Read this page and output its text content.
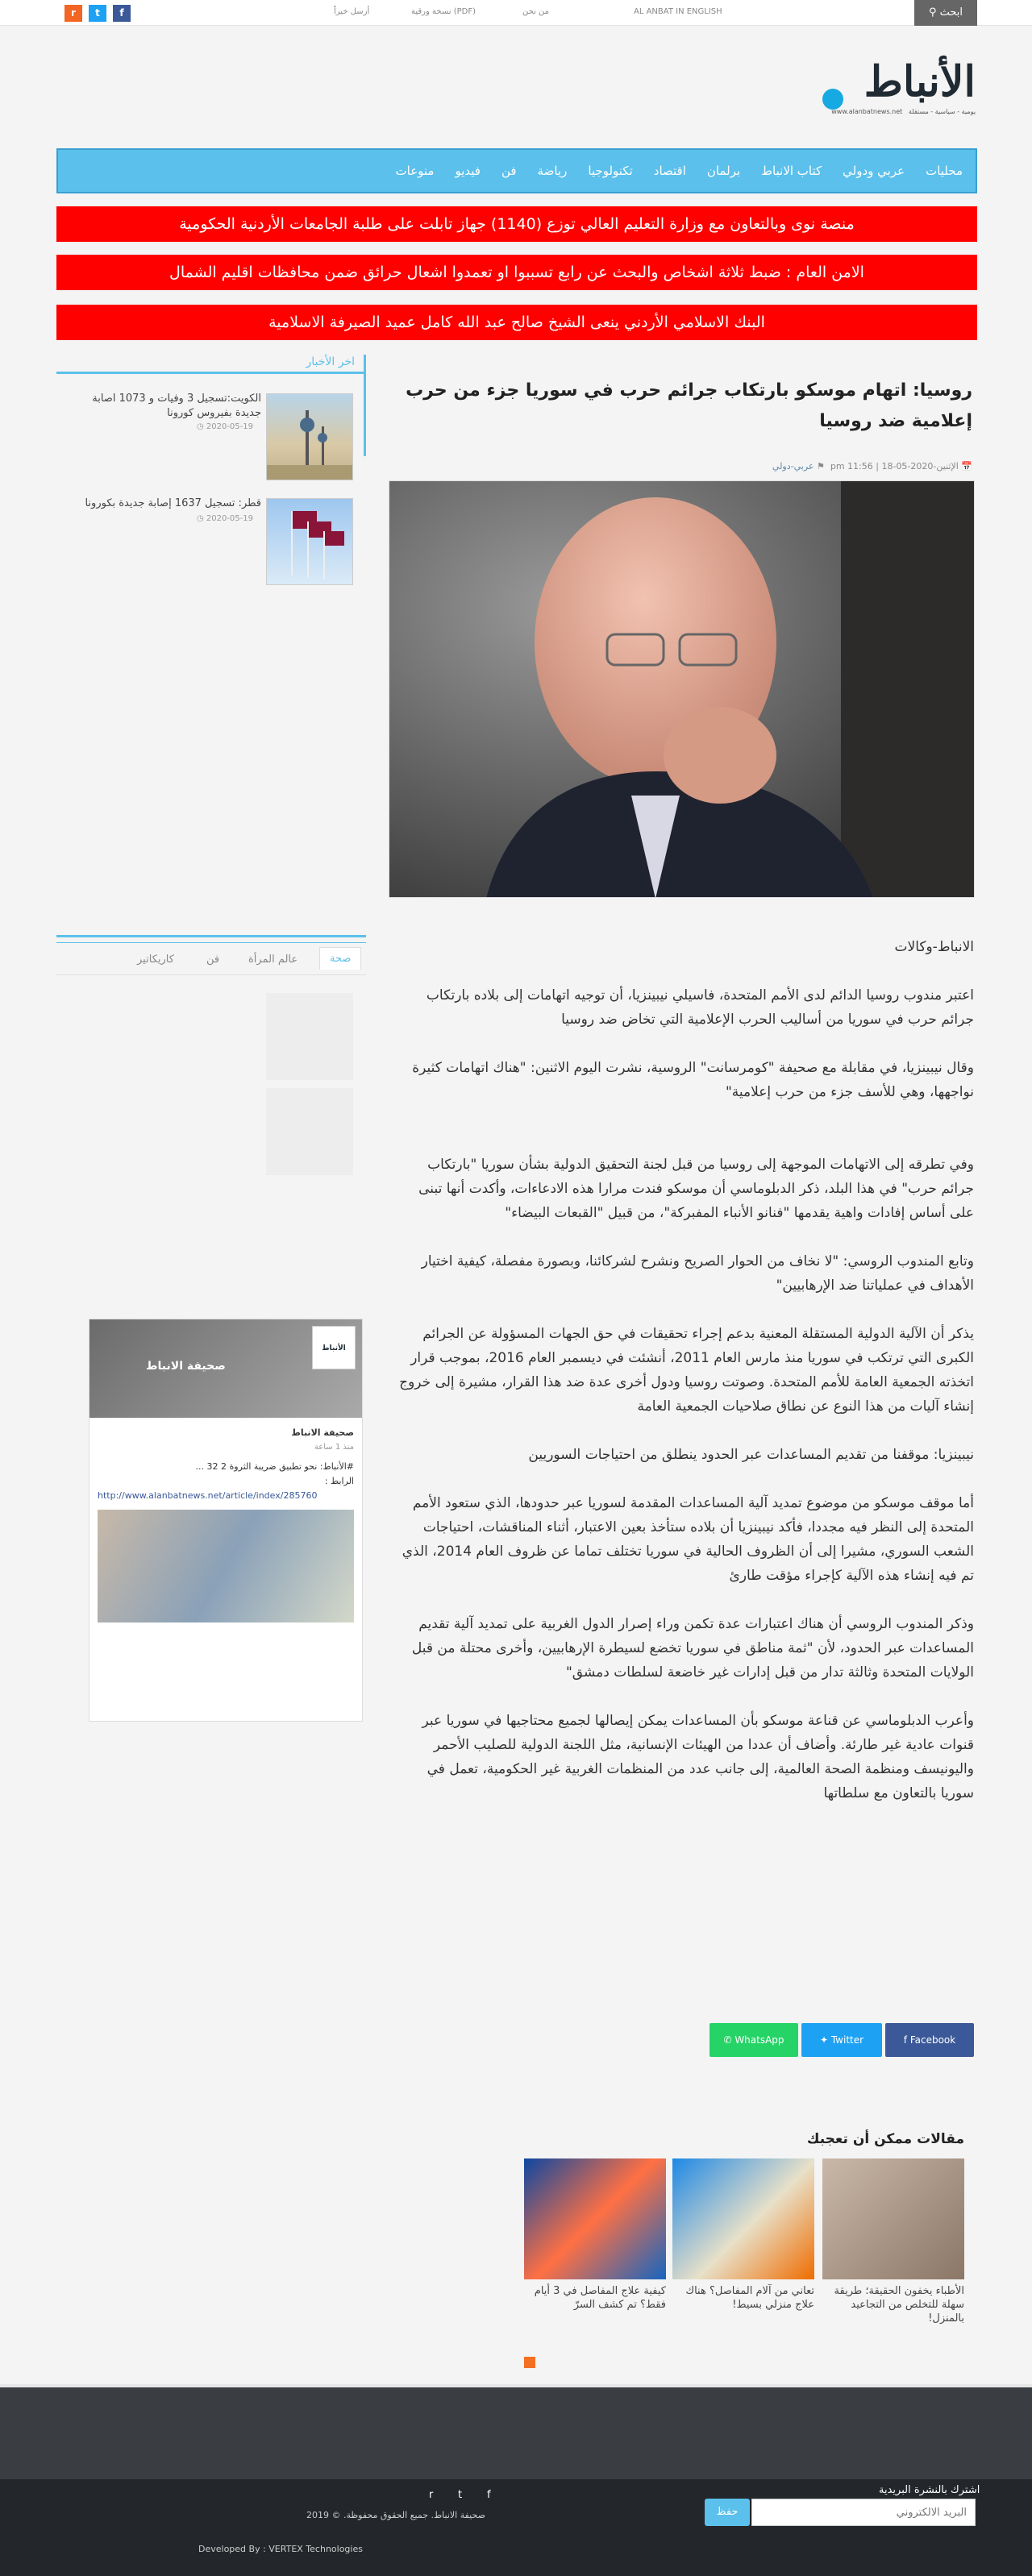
⚲ ابحث
AL ANBAT IN ENGLISH
من نحن
نسخة ورقية (PDF)
أرسل خبراً
r	t	f
الأنباط
www.alanbatnews.net يومية - سياسية - مستقلة
محليات
عربي ودولي
كتاب الانباط
برلمان
اقتصاد
تكنولوجيا
رياضة
فن
فيديو
منوعات
منصة نوى وبالتعاون مع وزارة التعليم العالي توزع (1140) جهاز تابلت على طلبة الجامعات الأردنية الحكومية
الامن العام : ضبط ثلاثة اشخاص والبحث عن رابع تسببوا او تعمدوا اشعال حرائق ضمن محافظات اقليم الشمال
البنك الاسلامي الأردني ينعى الشيخ صالح عبد الله كامل عميد الصيرفة الاسلامية
اخر الأخبار
الكويت:تسجيل 3 وفيات و 1073 اصابة جديدة بفيروس كورونا
◷ 2020-05-19
قطر: تسجيل 1637 إصابة جديدة بكورونا
◷ 2020-05-19
روسيا: اتهام موسكو بارتكاب جرائم حرب في سوريا جزء من حرب إعلامية ضد روسيا
📅 الإثنين-2020-05-18 | 11:56 pm  ⚑ عربي-دولي

الانباط-وكالات

اعتبر مندوب روسيا الدائم لدى الأمم المتحدة، فاسيلي نيبينزيا، أن توجيه اتهامات إلى بلاده بارتكاب جرائم حرب في سوريا من أساليب الحرب الإعلامية التي تخاض ضد روسيا

وقال نيبينزيا، في مقابلة مع صحيفة "كومرسانت" الروسية، نشرت اليوم الاثنين: "هناك اتهامات كثيرة نواجهها، وهي للأسف جزء من حرب إعلامية"

وفي تطرقه إلى الاتهامات الموجهة إلى روسيا من قبل لجنة التحقيق الدولية بشأن سوريا "بارتكاب جرائم حرب" في هذا البلد، ذكر الدبلوماسي أن موسكو فندت مرارا هذه الادعاءات، وأكدت أنها تبنى على أساس إفادات واهية يقدمها "فنانو الأنباء المفبركة"، من قبيل "القبعات البيضاء"

وتابع المندوب الروسي: "لا نخاف من الحوار الصريح ونشرح لشركائنا، وبصورة مفصلة، كيفية اختيار الأهداف في عملياتنا ضد الإرهابيين"

يذكر أن الآلية الدولية المستقلة المعنية بدعم إجراء تحقيقات في حق الجهات المسؤولة عن الجرائم الكبرى التي ترتكب في سوريا منذ مارس العام 2011، أنشئت في ديسمبر العام 2016، بموجب قرار اتخذته الجمعية العامة للأمم المتحدة. وصوتت روسيا ودول أخرى عدة ضد هذا القرار، مشيرة إلى خروج إنشاء آليات من هذا النوع عن نطاق صلاحيات الجمعية العامة

نيبينزيا: موقفنا من تقديم المساعدات عبر الحدود ينطلق من احتياجات السوريين

أما موقف موسكو من موضوع تمديد آلية المساعدات المقدمة لسوريا عبر حدودها، الذي ستعود الأمم المتحدة إلى النظر فيه مجددا، فأكد نيبينزيا أن بلاده ستأخذ بعين الاعتبار، أثناء المناقشات، احتياجات الشعب السوري، مشيرا إلى أن الظروف الحالية في سوريا تختلف تماما عن ظروف العام 2014، الذي تم فيه إنشاء هذه الآلية كإجراء مؤقت طارئ

وذكر المندوب الروسي أن هناك اعتبارات عدة تكمن وراء إصرار الدول الغربية على تمديد آلية تقديم المساعدات عبر الحدود، لأن "ثمة مناطق في سوريا تخضع لسيطرة الإرهابيين، وأخرى محتلة من قبل الولايات المتحدة وثالثة تدار من قبل إدارات غير خاضعة لسلطات دمشق"

وأعرب الدبلوماسي عن قناعة موسكو بأن المساعدات يمكن إيصالها لجميع محتاجيها في سوريا عبر قنوات عادية غير طارئة. وأضاف أن عددا من الهيئات الإنسانية، مثل اللجنة الدولية للصليب الأحمر واليونيسف ومنظمة الصحة العالمية، إلى جانب عدد من المنظمات الغربية غير الحكومية، تعمل في سوريا بالتعاون مع سلطاتها

صحة
عالم المرأة
فن
كاريكاتير
الأنباط
صحيفة الانباط
صحيفة الانباط
منذ 1 ساعة
#الأنباط: نحو تطبيق ضريبة الثروة 2 32 ...
الرابط :
http://www.alanbatnews.net/article/index/285760
f Facebook
✦ Twitter
✆ WhatsApp
مقالات ممكن أن تعجبك
الأطباء يخفون الحقيقة؛ طريقة سهلة للتخلص من التجاعيد بالمنزل!
تعاني من آلام المفاصل؟ هناك علاج منزلي بسيط!
كيفية علاج المفاصل في 3 أيام فقط؟ تم كشف السرّ
اشترك بالنشرة البريدية
البريد الالكتروني
حفظ
f
t
r
صحيفة الانباط. جميع الحقوق محفوظة. © 2019
Developed By : VERTEX Technologies
